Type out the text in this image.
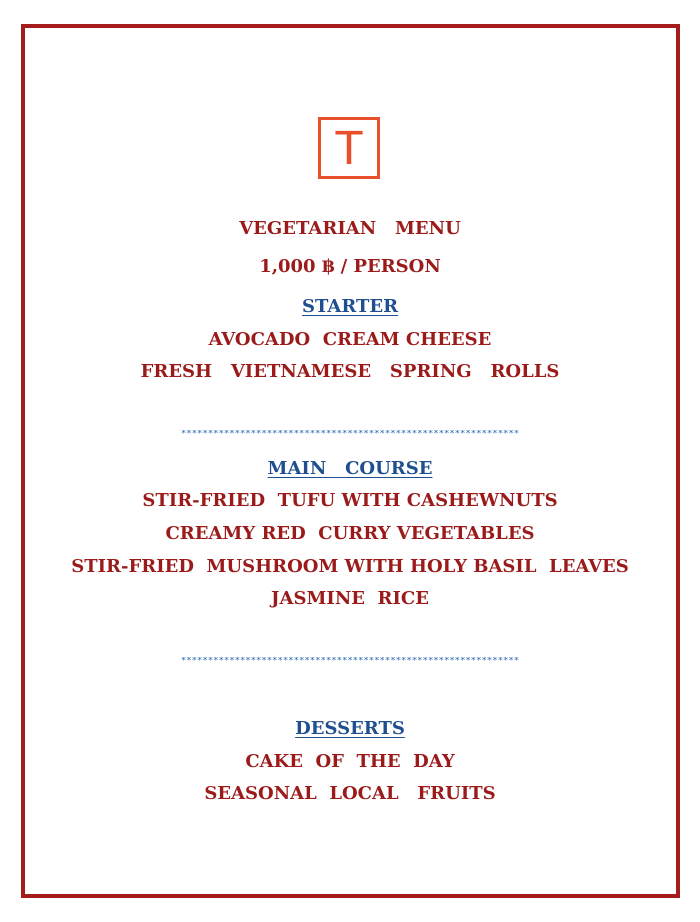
T
VEGETARIAN   MENU
1,000 ฿ / PERSON
STARTER
AVOCADO  CREAM CHEESE
FRESH   VIETNAMESE   SPRING   ROLLS
***************************************************************
MAIN   COURSE
STIR-FRIED  TUFU WITH CASHEWNUTS
CREAMY RED  CURRY VEGETABLES
STIR-FRIED  MUSHROOM WITH HOLY BASIL  LEAVES
JASMINE  RICE
***************************************************************
DESSERTS
CAKE  OF  THE  DAY
SEASONAL  LOCAL   FRUITS
